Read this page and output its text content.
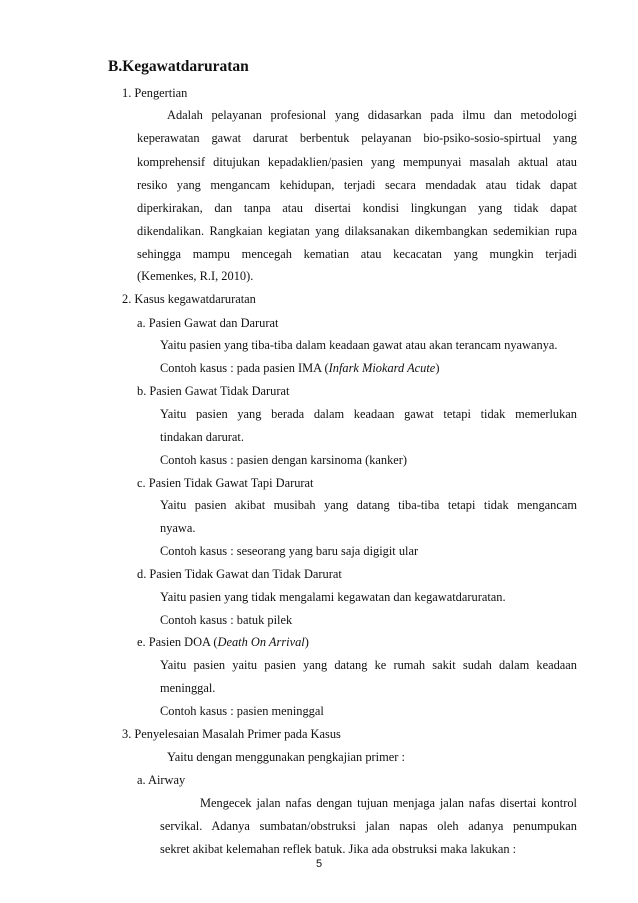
B.Kegawatdaruratan
1. Pengertian
Adalah pelayanan profesional yang didasarkan pada ilmu dan metodologi
keperawatan gawat darurat berbentuk pelayanan bio-psiko-sosio-spirtual yang
komprehensif ditujukan kepadaklien/pasien yang mempunyai masalah aktual atau
resiko yang mengancam kehidupan, terjadi secara mendadak atau tidak dapat
diperkirakan, dan tanpa atau disertai kondisi lingkungan yang tidak dapat
dikendalikan. Rangkaian kegiatan yang dilaksanakan dikembangkan sedemikian rupa
sehingga mampu mencegah kematian atau kecacatan yang mungkin terjadi
(Kemenkes, R.I, 2010).
2. Kasus kegawatdaruratan
a. Pasien Gawat dan Darurat
Yaitu pasien yang tiba-tiba dalam keadaan gawat atau akan terancam nyawanya.
Contoh kasus : pada pasien IMA (Infark Miokard Acute)
b. Pasien Gawat Tidak Darurat
Yaitu pasien yang berada dalam keadaan gawat tetapi tidak memerlukan
tindakan darurat.
Contoh kasus : pasien dengan karsinoma (kanker)
c. Pasien Tidak Gawat Tapi Darurat
Yaitu pasien akibat musibah yang datang tiba-tiba tetapi tidak mengancam
nyawa.
Contoh kasus : seseorang yang baru saja digigit ular
d. Pasien Tidak Gawat dan Tidak Darurat
Yaitu pasien yang tidak mengalami kegawatan dan kegawatdaruratan.
Contoh kasus : batuk pilek
e. Pasien DOA (Death On Arrival)
Yaitu pasien yaitu pasien yang datang ke rumah sakit sudah dalam keadaan
meninggal.
Contoh kasus : pasien meninggal
3. Penyelesaian Masalah Primer pada Kasus
Yaitu dengan menggunakan pengkajian primer :
a. Airway
Mengecek jalan nafas dengan tujuan menjaga jalan nafas disertai kontrol
servikal. Adanya sumbatan/obstruksi jalan napas oleh adanya penumpukan
sekret akibat kelemahan reflek batuk. Jika ada obstruksi maka lakukan :
5
